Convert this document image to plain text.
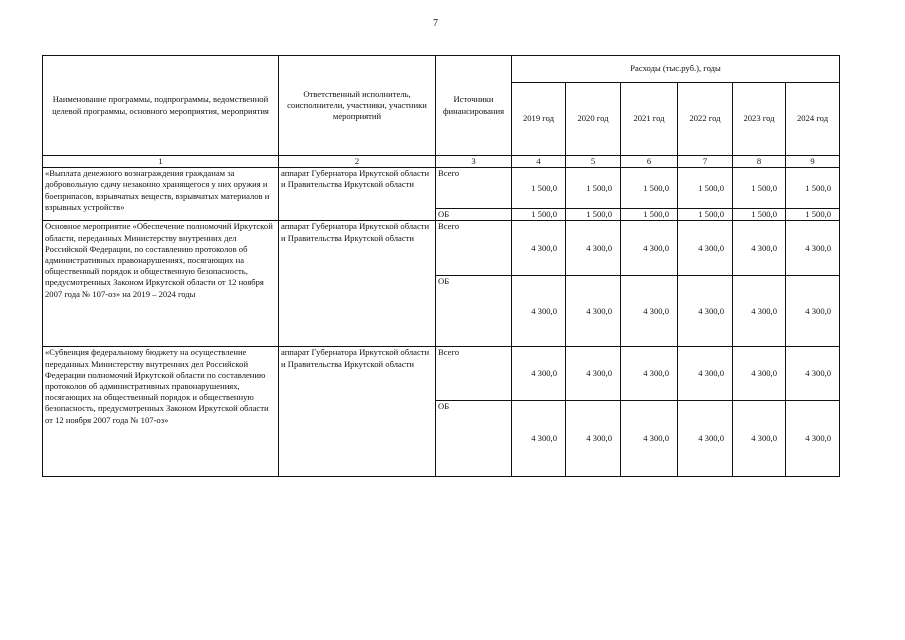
7
Наименование программы, подпрограммы, ведомственной целевой программы, основного мероприятия, мероприятия	Ответственный исполнитель, соисполнители, участники, участники мероприятий	Источники финансирования	Расходы (тыс.руб.), годы					
			2019 год	2020 год	2021 год	2022 год	2023 год	2024 год
1	2	3	4	5	6	7	8	9
«Выплата денежного вознаграждения гражданам за добровольную сдачу незаконно хранящегося у них оружия и боеприпасов, взрывчатых веществ, взрывчатых материалов и взрывных устройств»	аппарат Губернатора Иркутской области и Правительства Иркутской области	Всего	1 500,0	1 500,0	1 500,0	1 500,0	1 500,0	1 500,0
		ОБ	1 500,0	1 500,0	1 500,0	1 500,0	1 500,0	1 500,0
Основное мероприятие «Обеспечение полномочий Иркутской области, переданных Министерству внутренних дел Российской Федерации, по составлению протоколов об административных правонарушениях, посягающих на общественный порядок и общественную безопасность, предусмотренных Законом Иркутской области от 12 ноября 2007 года № 107-оз» на 2019 – 2024 годы	аппарат Губернатора Иркутской области и Правительства Иркутской области	Всего	4 300,0	4 300,0	4 300,0	4 300,0	4 300,0	4 300,0
		ОБ	4 300,0	4 300,0	4 300,0	4 300,0	4 300,0	4 300,0
«Субвенция федеральному бюджету на осуществление переданных Министерству внутренних дел Российской Федерации полномочий Иркутской области по составлению протоколов об административных правонарушениях, посягающих на общественный порядок и общественную безопасность, предусмотренных Законом Иркутской области от 12 ноября 2007 года № 107-оз»	аппарат Губернатора Иркутской области и Правительства Иркутской области	Всего	4 300,0	4 300,0	4 300,0	4 300,0	4 300,0	4 300,0
		ОБ	4 300,0	4 300,0	4 300,0	4 300,0	4 300,0	4 300,0
